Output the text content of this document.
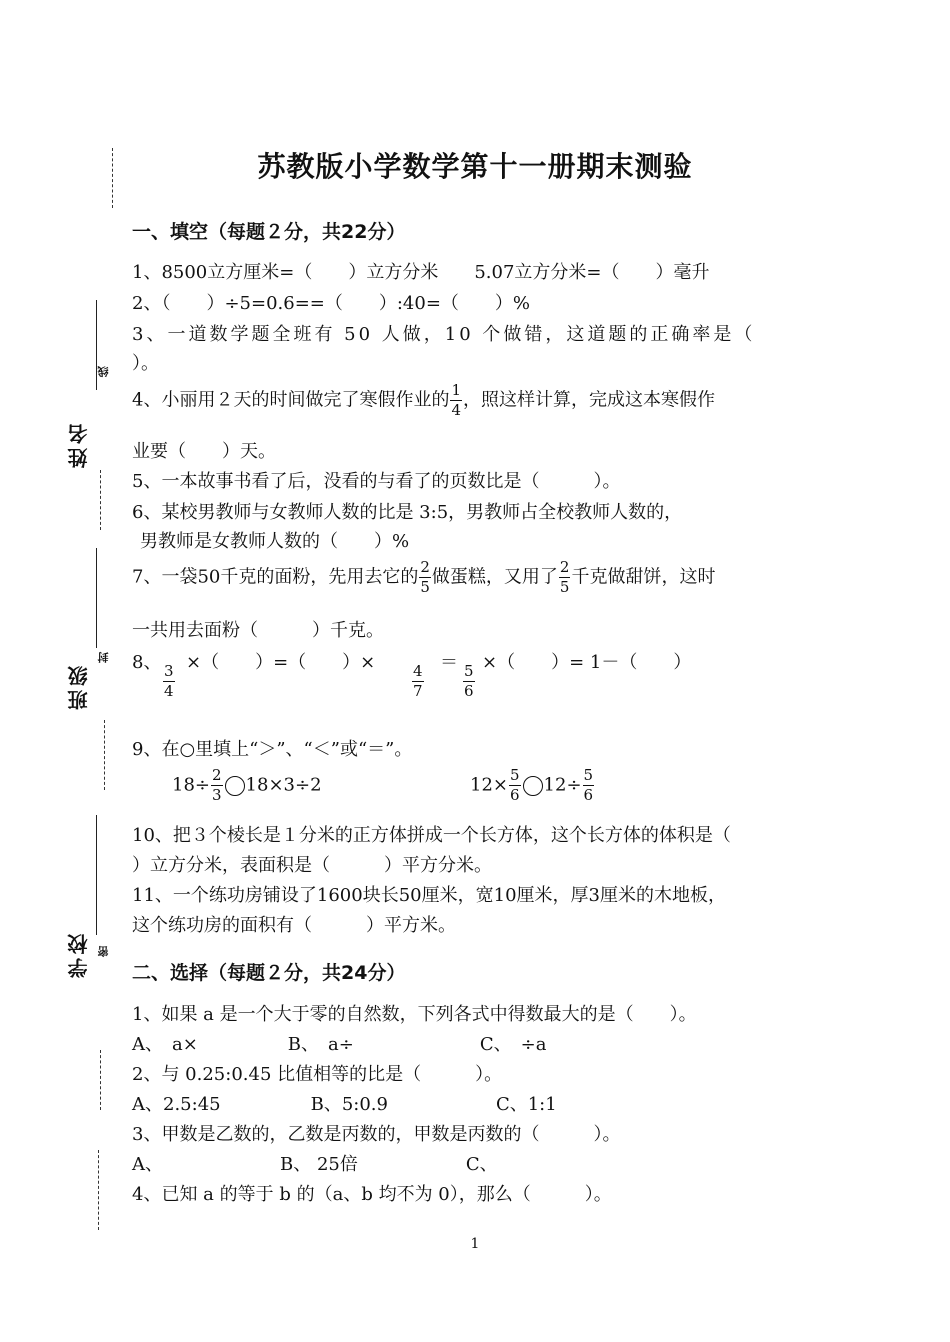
线
姓名
封
班级
密
学校
苏教版小学数学第十一册期末测验
一、填空（每题２分，共22分）
1、8500立方厘米=（　　）立方分米　　5.07立方分米=（　　）毫升
2、（　　）÷5=0.6==（　　）:40=（　　）%
3、一道数学题全班有 50 人做，10 个做错，这道题的正确率是（
）。
4、小丽用２天的时间做完了寒假作业的 $\frac{1}{4}$ ，照这样计算，完成这本寒假作
业要（　　）天。
5、一本故事书看了后，没看的与看了的页数比是（　　　）。
6、某校男教师与女教师人数的比是 3:5，男教师占全校教师人数的，
男教师是女教师人数的（　　）%
7、一袋50千克的面粉，先用去它的 $\frac{2}{5}$ 做蛋糕，又用了 $\frac{2}{5}$ 千克做甜饼，这时
一共用去面粉（　　　）千克。
8、 $\frac{3}{4}$ ×（　　）=（　　）× $\frac{4}{7} = \frac{5}{6}$ ×（　　）= 1－（　　）
9、在○里填上“＞”、“＜”或“＝”。
$18\div \frac{2}{3} 18\times 3\div 2$	$12\times \frac{5}{6} 12\div \frac{5}{6}$
10、把３个棱长是１分米的正方体拼成一个长方体，这个长方体的体积是（
）立方分米，表面积是（　　　）平方分米。
11、一个练功房铺设了1600块长50厘米，宽10厘米，厚3厘米的木地板，
这个练功房的面积有（　　　）平方米。
二、选择（每题２分，共24分）
1、如果 a 是一个大于零的自然数，下列各式中得数最大的是（　　）。
A、　a×　　　　　B、　a÷　　　　　　　C、　÷a
2、与 0.25:0.45 比值相等的比是（　　　）。
A、2.5:45　　　　　B、5:0.9　　　　　　C、1:1
3、甲数是乙数的，乙数是丙数的，甲数是丙数的（　　　）。
A、　　　　　　　B、 25倍　　　　　　C、
4、已知 a 的等于 b 的（a、b 均不为 0），那么（　　　）。
1
